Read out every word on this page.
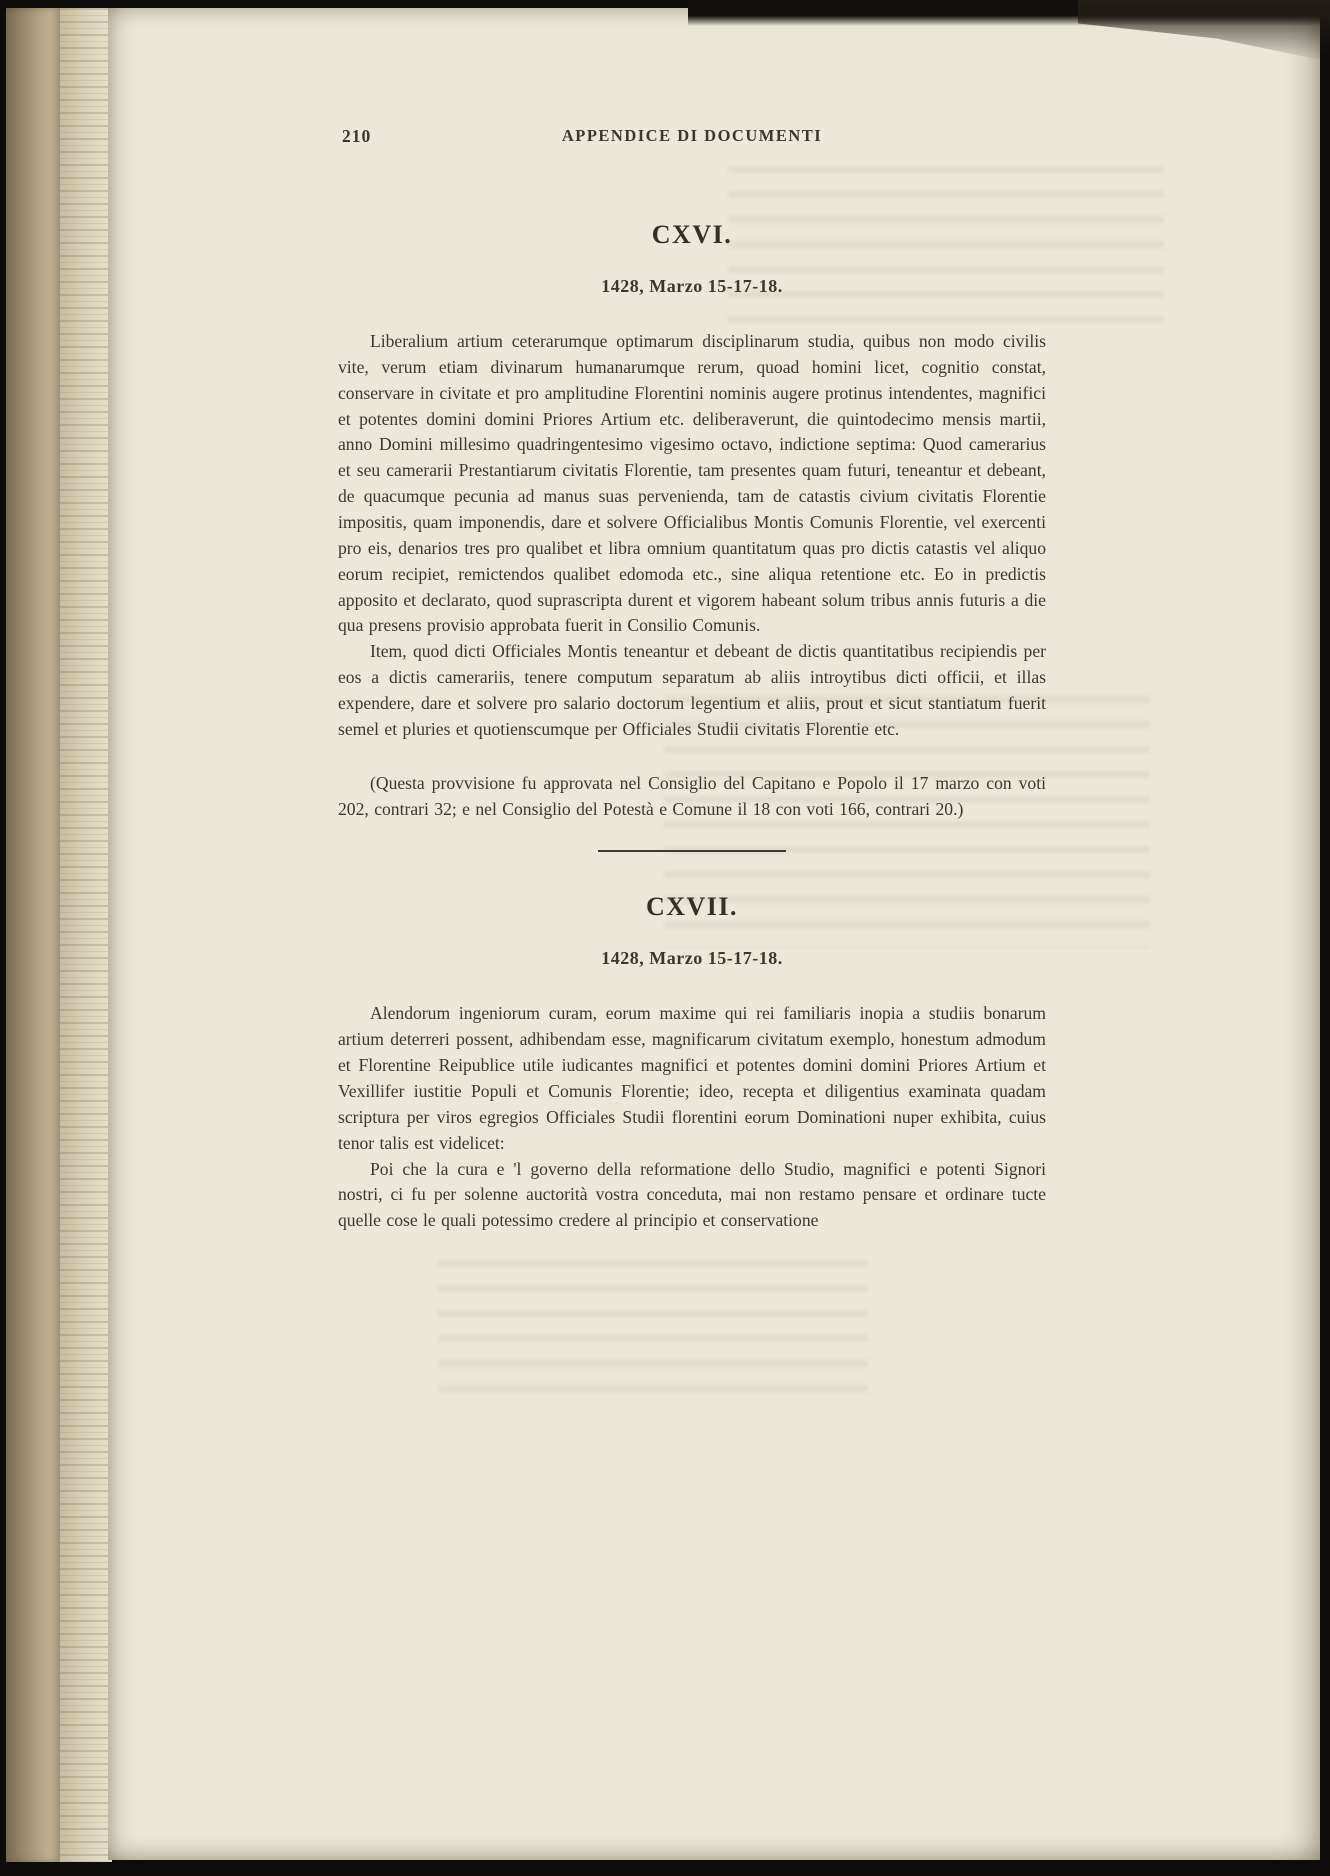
210	APPENDICE DI DOCUMENTI
CXVI.
1428, Marzo 15-17-18.

Liberalium artium ceterarumque optimarum disciplinarum studia, quibus non modo civilis vite, verum etiam divinarum humanarumque rerum, quoad homini licet, cognitio constat, conservare in civitate et pro amplitudine Florentini nominis augere protinus intendentes, magnifici et potentes domini domini Priores Artium etc. deliberaverunt, die quintodecimo mensis martii, anno Domini millesimo quadringentesimo vigesimo octavo, indictione septima: Quod camerarius et seu camerarii Prestantiarum civitatis Florentie, tam presentes quam futuri, teneantur et debeant, de quacumque pecunia ad manus suas pervenienda, tam de catastis civium civitatis Florentie impositis, quam imponendis, dare et solvere Officialibus Montis Comunis Florentie, vel exercenti pro eis, denarios tres pro qualibet et libra omnium quantitatum quas pro dictis catastis vel aliquo eorum recipiet, remictendos qualibet edomoda etc., sine aliqua retentione etc. Eo in predictis apposito et declarato, quod suprascripta durent et vigorem habeant solum tribus annis futuris a die qua presens provisio approbata fuerit in Consilio Comunis.

Item, quod dicti Officiales Montis teneantur et debeant de dictis quantitatibus recipiendis per eos a dictis camerariis, tenere computum separatum ab aliis introytibus dicti officii, et illas expendere, dare et solvere pro salario doctorum legentium et aliis, prout et sicut stantiatum fuerit semel et pluries et quotienscumque per Officiales Studii civitatis Florentie etc.

(Questa provvisione fu approvata nel Consiglio del Capitano e Popolo il 17 marzo con voti 202, contrari 32; e nel Consiglio del Potestà e Comune il 18 con voti 166, contrari 20.)

CXVII.
1428, Marzo 15-17-18.

Alendorum ingeniorum curam, eorum maxime qui rei familiaris inopia a studiis bonarum artium deterreri possent, adhibendam esse, magnificarum civitatum exemplo, honestum admodum et Florentine Reipublice utile iudicantes magnifici et potentes domini domini Priores Artium et Vexillifer iustitie Populi et Comunis Florentie; ideo, recepta et diligentius examinata quadam scriptura per viros egregios Officiales Studii florentini eorum Dominationi nuper exhibita, cuius tenor talis est videlicet:

Poi che la cura e 'l governo della reformatione dello Studio, magnifici e potenti Signori nostri, ci fu per solenne auctorità vostra conceduta, mai non restamo pensare et ordinare tucte quelle cose le quali potessimo credere al principio et conservatione
